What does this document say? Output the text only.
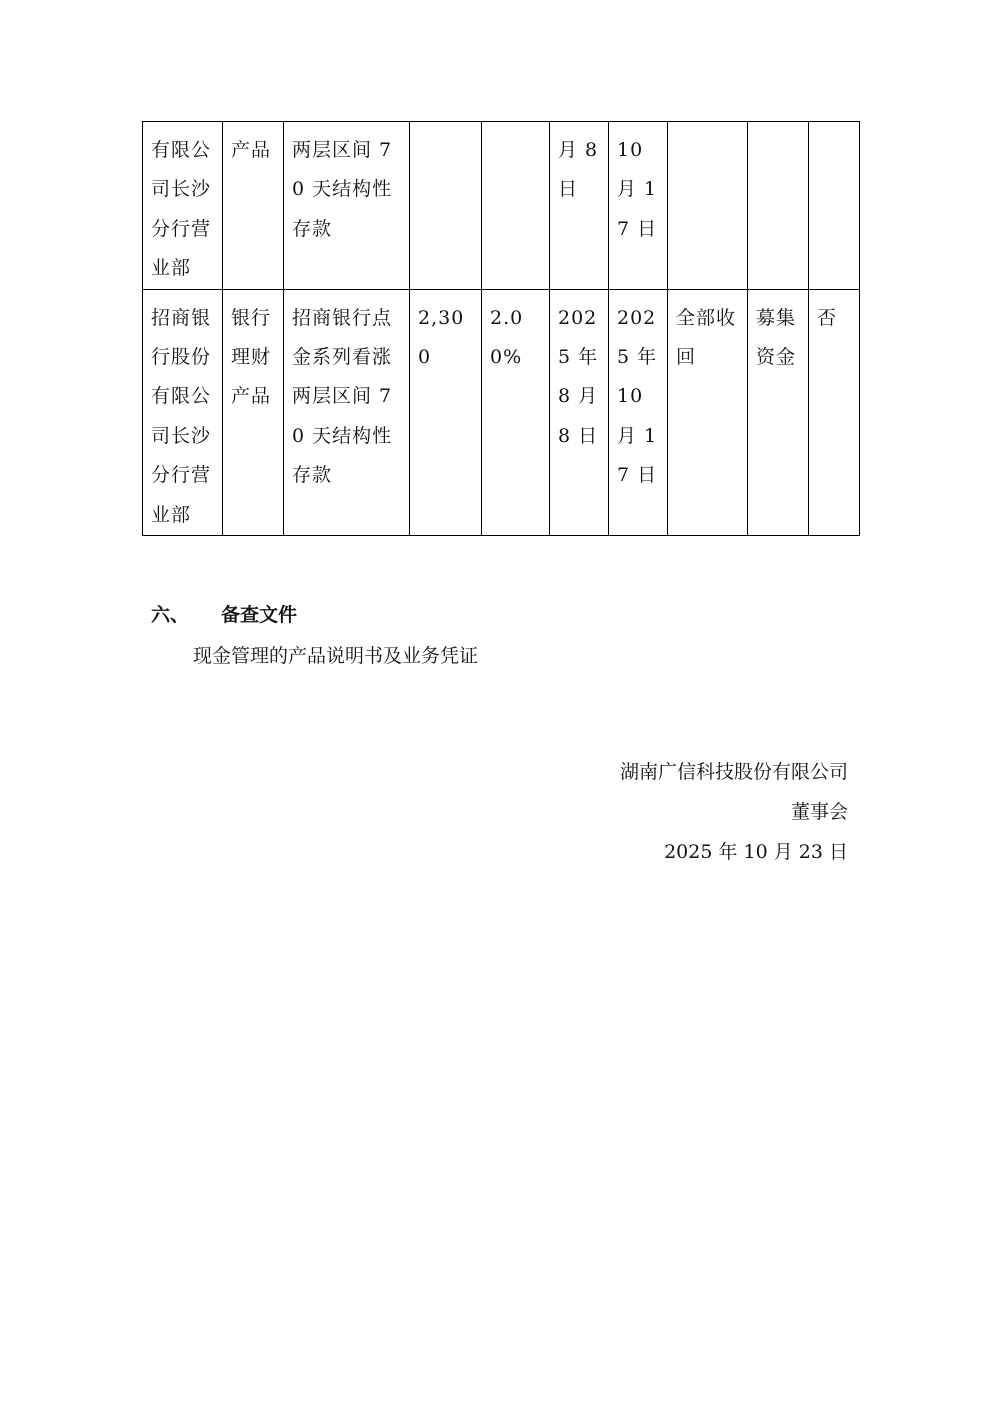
有限公司长沙分行营业部	产品	两层区间 70 天结构性存款			月 8 日	10 月 17 日			
招商银行股份有限公司长沙分行营业部	银行理财产品	招商银行点金系列看涨两层区间 70 天结构性存款	2,300	2.00%	2025 年 8 月 8 日	2025 年 10 月 17 日	全部收回	募集资金	否
六、 备查文件
现金管理的产品说明书及业务凭证
湖南广信科技股份有限公司
董事会
2025 年 10 月 23 日
